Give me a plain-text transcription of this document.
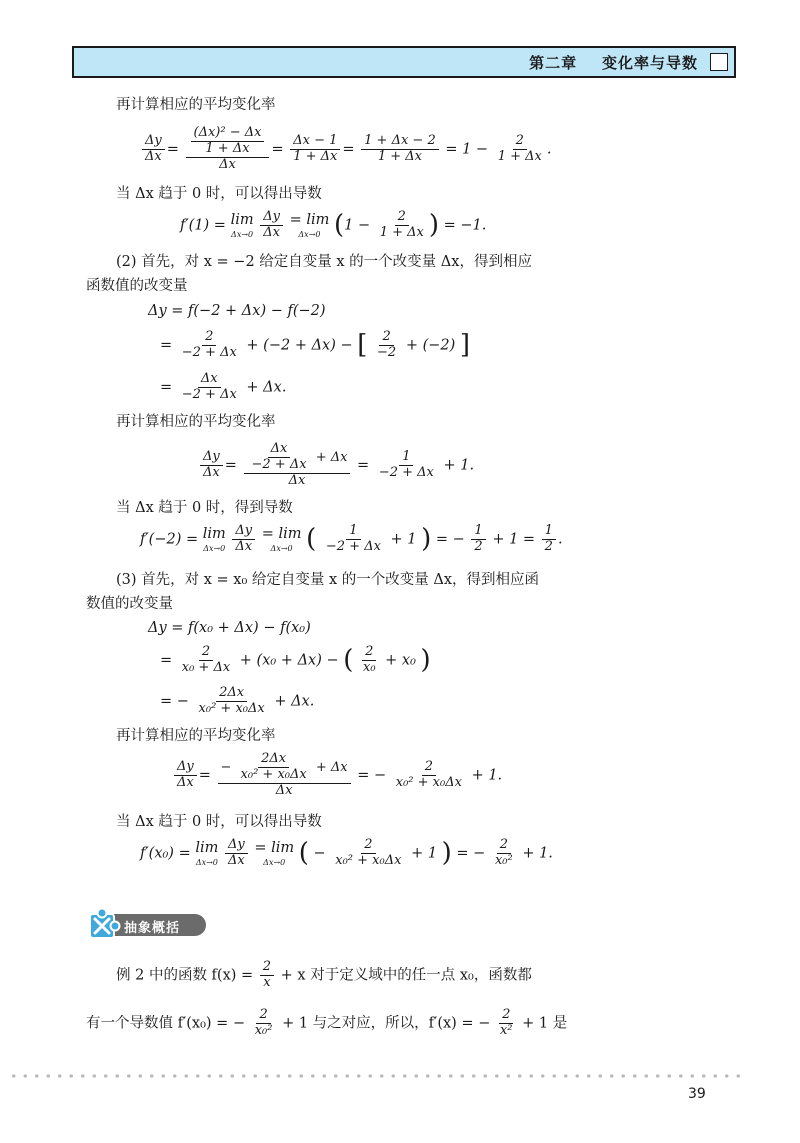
第二章 变化率与导数
再计算相应的平均变化率
$\frac{\Delta y}{\Delta x} = \frac{\frac{\text{(Δx)² − Δx}}{1 + \Delta x}}{\Delta x} = \frac{\Delta x - 1}{1 + \Delta x} = \frac{1 + \Delta x - 2}{1 + \Delta x} = 1 - \frac{2}{1 + \Delta x}$ .
当 Δx 趋于 0 时，可以得出导数
f′(1) = lim
Δx→0
$\frac{\Delta y}{\Delta x}$
= lim
Δx→0 ($1 - \frac{2}{1 + \Delta x}$ ) = −1.
(2) 首先，对 x = −2 给定自变量 x 的一个改变量 Δx，得到相应
函数值的改变量
Δy = f(−2 + Δx) − f(−2)
= $\frac{2}{-2 + \Delta x} + (-2 + \Delta x)$ − [ $\frac{2}{-2} + (-2)$ ]
= $\frac{\Delta x}{-2 + \Delta x} + \Delta x$.
再计算相应的平均变化率
$\frac{\Delta y}{\Delta x} = \frac{\frac{\Delta x}{-2 + \Delta x} + \Delta x}{\Delta x} = \frac{1}{-2 + \Delta x} + 1$.
当 Δx 趋于 0 时，得到导数
f′(−2) = lim
Δx→0
$\frac{\Delta y}{\Delta x}$
= lim
Δx→0 ( $\frac{1}{-2 + \Delta x} + 1$ ) = − $\frac{1}{2} + 1 = \frac{1}{2}$ .
(3) 首先，对 x = x₀ 给定自变量 x 的一个改变量 Δx，得到相应函
数值的改变量
Δy = f(x₀ + Δx) − f(x₀)
= $\frac{2}{\text{x₀ + Δx}} + (x_0 + \Delta x)$ − ( $\frac{2}{\text{x₀}} + x_0$ )
= − $\frac{2\Delta x}{\text{x₀² + x₀Δx}} + \Delta x$.
再计算相应的平均变化率
$\frac{\Delta y}{\Delta x} = \frac{- \frac{2\Delta x}{\text{x₀² + x₀Δx}} + \Delta x}{\Delta x}$ = − $\frac{2}{\text{x₀² + x₀Δx}} + 1$.
当 Δx 趋于 0 时，可以得出导数
f′(x₀) = lim
Δx→0
$\frac{\Delta y}{\Delta x}$
= lim
Δx→0 ( − $\frac{2}{\text{x₀² + x₀Δx}} + 1$ ) = − $\frac{2}{\text{x₀²}} + 1$.
抽象概括
例 2 中的函数 $f(x) = \frac{2}{x} + x$ 对于定义域中的任一点 x₀，函数都
有一个导数值 f′(x₀) = − $\frac{2}{\text{x₀²}} + 1$ 与之对应，所以，f′(x) = − $\frac{2}{\text{x²}} + 1$ 是
39
